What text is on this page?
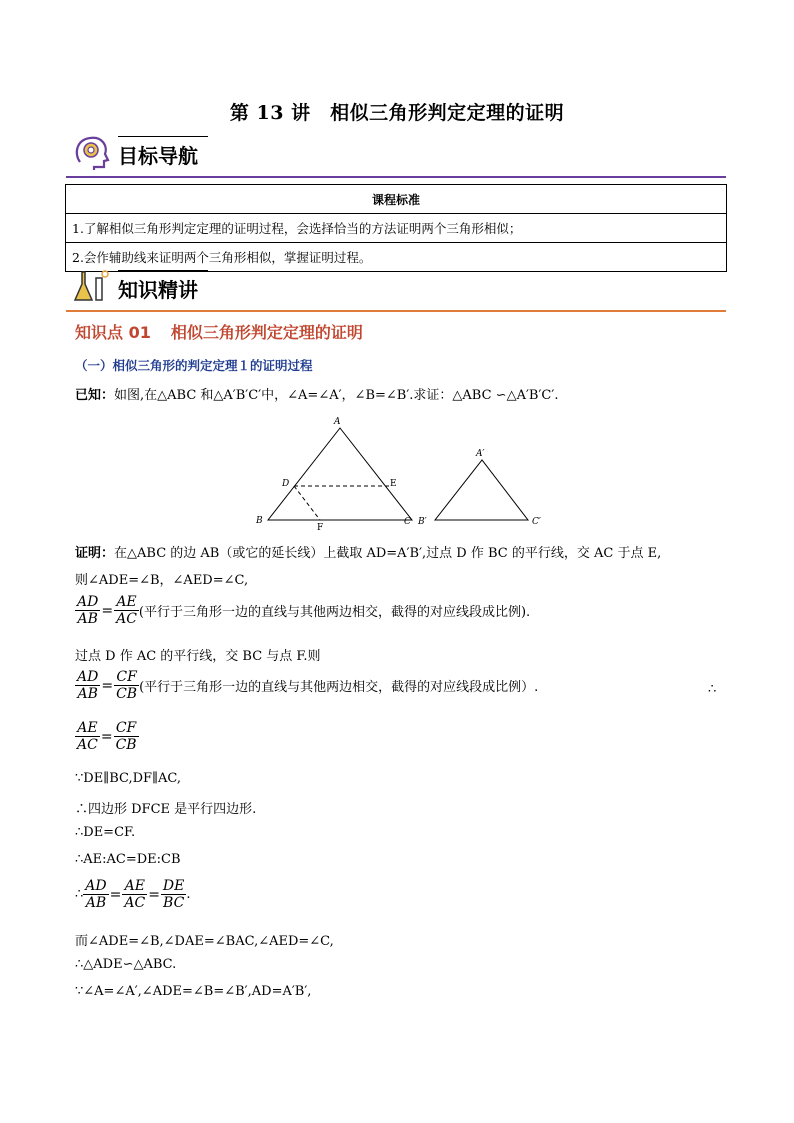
第 13 讲　相似三角形判定定理的证明
目标导航
课程标准
1.了解相似三角形判定定理的证明过程，会选择恰当的方法证明两个三角形相似；
2.会作辅助线来证明两个三角形相似，掌握证明过程。
知识精讲
知识点 01 相似三角形判定定理的证明
（一）相似三角形的判定定理１的证明过程
已知：如图,在△ABC 和△A′B′C′中，∠A=∠A′，∠B=∠B′.求证：△ABC ∽△A′B′C′.
A
B	C
D	E
F
A′
B′	C′
证明：在△ABC 的边 AB（或它的延长线）上截取 AD=A′B′,过点 D 作 BC 的平行线，交 AC 于点 E,
则∠ADE=∠B，∠AED=∠C,
$\frac{AD}{AB} = \frac{AE}{AC}$ (平行于三角形一边的直线与其他两边相交，截得的对应线段成比例).
过点 D 作 AC 的平行线，交 BC 与点 F.则
$\frac{AD}{AB} = \frac{CF}{CB}$ (平行于三角形一边的直线与其他两边相交，截得的对应线段成比例）.	∴
$\frac{AE}{AC} = \frac{CF}{CB}$
∵DE∥BC,DF∥AC,
∴四边形 DFCE 是平行四边形.
∴DE=CF.
∴AE:AC=DE:CB
∴ $\frac{AD}{AB} = \frac{AE}{AC} = \frac{DE}{BC}$ .
而∠ADE=∠B,∠DAE=∠BAC,∠AED=∠C,
∴△ADE∽△ABC.
∵∠A=∠A′,∠ADE=∠B=∠B′,AD=A′B′,
